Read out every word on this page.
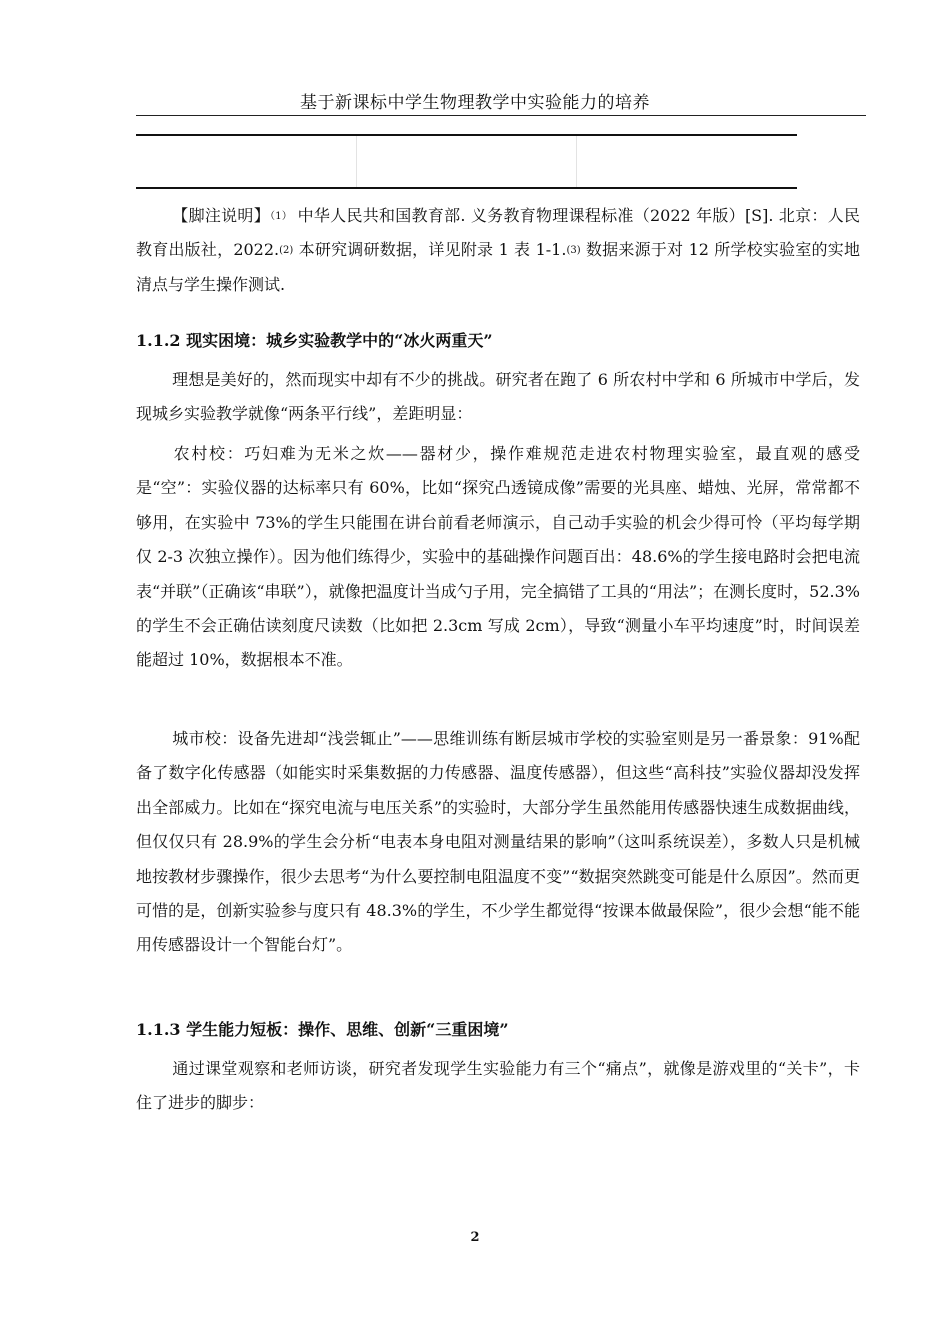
基于新课标中学生物理教学中实验能力的培养

【脚注说明】$^{(1)}$ 中华人民共和国教育部. 义务教育物理课程标准（2022 年版）[S]. 北京：人民教育出版社，2022.$^{(2)}$ 本研究调研数据，详见附录 1 表 1-1.$^{(3)}$ 数据来源于对 12 所学校实验室的实地清点与学生操作测试.

1.1.2 现实困境：城乡实验教学中的“冰火两重天”

理想是美好的，然而现实中却有不少的挑战。研究者在跑了 6 所农村中学和 6 所城市中学后，发现城乡实验教学就像“两条平行线”，差距明显：

农村校：巧妇难为无米之炊——器材少，操作难规范走进农村物理实验室，最直观的感受是“空”：实验仪器的达标率只有 60%，比如“探究凸透镜成像”需要的光具座、蜡烛、光屏，常常都不够用，在实验中 73%的学生只能围在讲台前看老师演示，自己动手实验的机会少得可怜（平均每学期仅 2-3 次独立操作）。因为他们练得少，实验中的基础操作问题百出：48.6%的学生接电路时会把电流表“并联”（正确该“串联”），就像把温度计当成勺子用，完全搞错了工具的“用法”；在测长度时，52.3%的学生不会正确估读刻度尺读数（比如把 2.3cm 写成 2cm），导致“测量小车平均速度”时，时间误差能超过 10%，数据根本不准。

城市校：设备先进却“浅尝辄止”——思维训练有断层城市学校的实验室则是另一番景象：91%配备了数字化传感器（如能实时采集数据的力传感器、温度传感器），但这些“高科技”实验仪器却没发挥出全部威力。比如在“探究电流与电压关系”的实验时，大部分学生虽然能用传感器快速生成数据曲线，但仅仅只有 28.9%的学生会分析“电表本身电阻对测量结果的影响”（这叫系统误差），多数人只是机械地按教材步骤操作，很少去思考“为什么要控制电阻温度不变”“数据突然跳变可能是什么原因”。然而更可惜的是，创新实验参与度只有 48.3%的学生，不少学生都觉得“按课本做最保险”，很少会想“能不能用传感器设计一个智能台灯”。

1.1.3 学生能力短板：操作、思维、创新“三重困境”

通过课堂观察和老师访谈，研究者发现学生实验能力有三个“痛点”，就像是游戏里的“关卡”，卡住了进步的脚步：

2
